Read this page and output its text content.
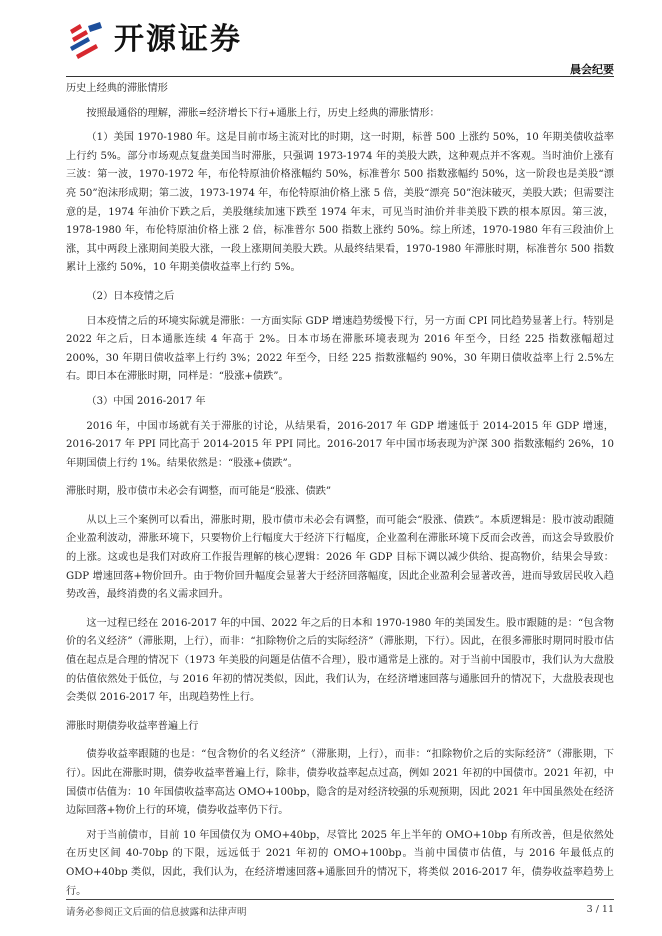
开源证券
晨会纪要

历史上经典的滞胀情形

按照最通俗的理解，滞胀=经济增长下行+通胀上行，历史上经典的滞胀情形：

（1）美国 1970-1980 年。这是目前市场主流对比的时期，这一时期，标普 500 上涨约 50%，10 年期美债收益率上行约 5%。部分市场观点复盘美国当时滞胀，只强调 1973-1974 年的美股大跌，这种观点并不客观。当时油价上涨有三波：第一波，1970-1972 年，布伦特原油价格涨幅约 50%，标准普尔 500 指数涨幅约 50%，这一阶段也是美股“漂亮 50”泡沫形成期；第二波，1973-1974 年，布伦特原油价格上涨 5 倍，美股“漂亮 50”泡沫破灭，美股大跌；但需要注意的是，1974 年油价下跌之后，美股继续加速下跌至 1974 年末，可见当时油价并非美股下跌的根本原因。第三波，1978-1980 年，布伦特原油价格上涨 2 倍，标准普尔 500 指数上涨约 50%。综上所述，1970-1980 年有三段油价上涨，其中两段上涨期间美股大涨，一段上涨期间美股大跌。从最终结果看，1970-1980 年滞胀时期，标准普尔 500 指数累计上涨约 50%，10 年期美债收益率上行约 5%。

（2）日本疫情之后

日本疫情之后的环境实际就是滞胀：一方面实际 GDP 增速趋势缓慢下行，另一方面 CPI 同比趋势显著上行。特别是 2022 年之后，日本通胀连续 4 年高于 2%。日本市场在滞胀环境表现为 2016 年至今，日经 225 指数涨幅超过 200%，30 年期日债收益率上行约 3%；2022 年至今，日经 225 指数涨幅约 90%，30 年期日债收益率上行 2.5%左右。即日本在滞胀时期，同样是：“股涨+债跌”。

（3）中国 2016-2017 年

2016 年，中国市场就有关于滞胀的讨论，从结果看，2016-2017 年 GDP 增速低于 2014-2015 年 GDP 增速，2016-2017 年 PPI 同比高于 2014-2015 年 PPI 同比。2016-2017 年中国市场表现为沪深 300 指数涨幅约 26%，10 年期国债上行约 1%。结果依然是：“股涨+债跌”。

滞胀时期，股市债市未必会有调整，而可能是“股涨、债跌”

从以上三个案例可以看出，滞胀时期，股市债市未必会有调整，而可能会“股涨、债跌”。本质逻辑是：股市波动跟随企业盈利波动，滞胀环境下，只要物价上行幅度大于经济下行幅度，企业盈利在滞胀环境下反而会改善，而这会导致股价的上涨。这或也是我们对政府工作报告理解的核心逻辑：2026 年 GDP 目标下调以减少供给、提高物价，结果会导致：GDP 增速回落+物价回升。由于物价回升幅度会显著大于经济回落幅度，因此企业盈利会显著改善，进而导致居民收入趋势改善，最终消费的名义需求回升。

这一过程已经在 2016-2017 年的中国、2022 年之后的日本和 1970-1980 年的美国发生。股市跟随的是：“包含物价的名义经济”（滞胀期，上行），而非：“扣除物价之后的实际经济”（滞胀期，下行）。因此，在很多滞胀时期同时股市估值在起点是合理的情况下（1973 年美股的问题是估值不合理），股市通常是上涨的。对于当前中国股市，我们认为大盘股的估值依然处于低位，与 2016 年初的情况类似，因此，我们认为，在经济增速回落与通胀回升的情况下，大盘股表现也会类似 2016-2017 年，出现趋势性上行。

滞胀时期债券收益率普遍上行

债券收益率跟随的也是：“包含物价的名义经济”（滞胀期，上行），而非：“扣除物价之后的实际经济”（滞胀期，下行）。因此在滞胀时期，债券收益率普遍上行，除非，债券收益率起点过高，例如 2021 年初的中国债市。2021 年初，中国债市估值为：10 年国债收益率高达 OMO+100bp，隐含的是对经济较强的乐观预期，因此 2021 年中国虽然处在经济边际回落+物价上行的环境，债券收益率仍下行。

对于当前债市，目前 10 年国债仅为 OMO+40bp，尽管比 2025 年上半年的 OMO+10bp 有所改善，但是依然处在历史区间 40-70bp 的下限，远远低于 2021 年初的 OMO+100bp。当前中国债市估值，与 2016 年最低点的 OMO+40bp 类似，因此，我们认为，在经济增速回落+通胀回升的情况下，将类似 2016-2017 年，债券收益率趋势上行。

请务必参阅正文后面的信息披露和法律声明	3 / 11
